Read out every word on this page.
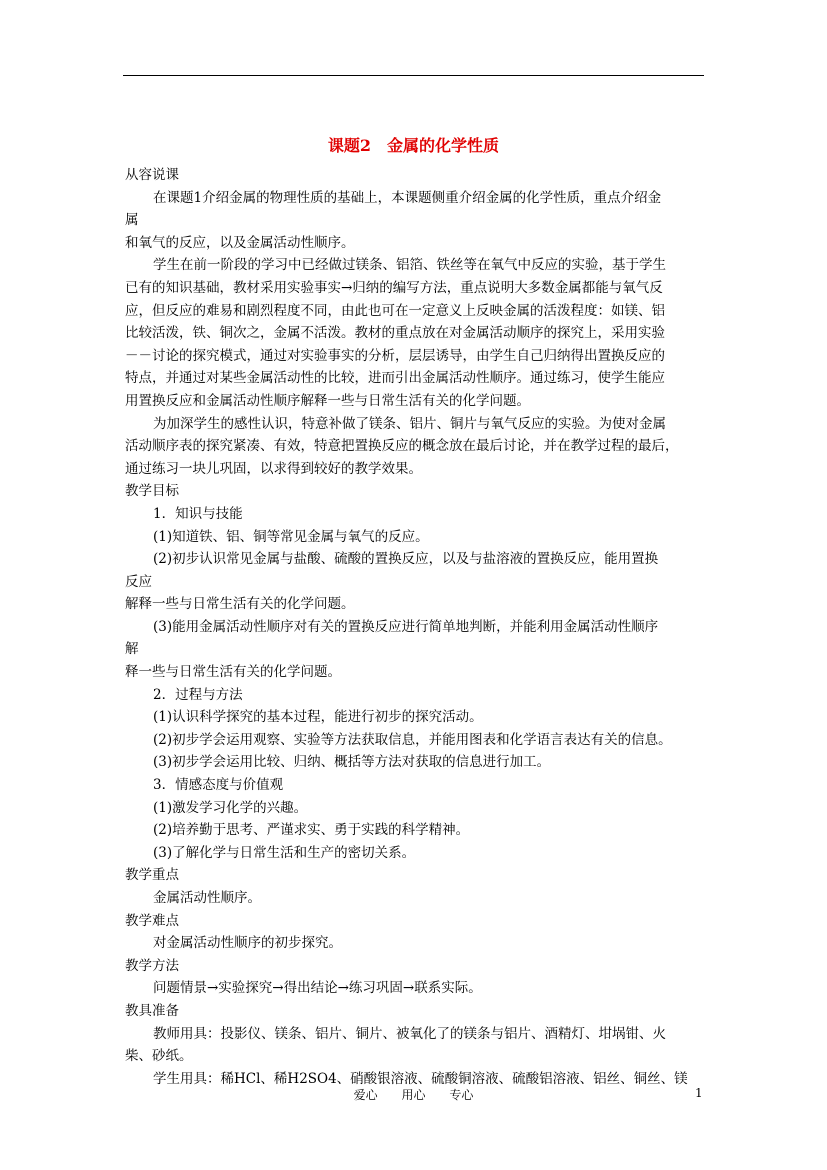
课题2　金属的化学性质
从容说课
在课题1介绍金属的物理性质的基础上，本课题侧重介绍金属的化学性质，重点介绍金
属
和氧气的反应，以及金属活动性顺序。
学生在前一阶段的学习中已经做过镁条、铝箔、铁丝等在氧气中反应的实验，基于学生
已有的知识基础，教材采用实验事实→归纳的编写方法，重点说明大多数金属都能与氧气反
应，但反应的难易和剧烈程度不同，由此也可在一定意义上反映金属的活泼程度：如镁、铝
比较活泼，铁、铜次之，金属不活泼。教材的重点放在对金属活动顺序的探究上，采用实验
－－讨论的探究模式，通过对实验事实的分析，层层诱导，由学生自己归纳得出置换反应的
特点，并通过对某些金属活动性的比较，进而引出金属活动性顺序。通过练习，使学生能应
用置换反应和金属活动性顺序解释一些与日常生活有关的化学问题。
为加深学生的感性认识，特意补做了镁条、铝片、铜片与氧气反应的实验。为使对金属
活动顺序表的探究紧凑、有效，特意把置换反应的概念放在最后讨论，并在教学过程的最后，
通过练习一块儿巩固，以求得到较好的教学效果。
教学目标
1．知识与技能
(1)知道铁、铝、铜等常见金属与氧气的反应。
(2)初步认识常见金属与盐酸、硫酸的置换反应，以及与盐溶液的置换反应，能用置换
反应
解释一些与日常生活有关的化学问题。
(3)能用金属活动性顺序对有关的置换反应进行简单地判断，并能利用金属活动性顺序
解
释一些与日常生活有关的化学问题。
2．过程与方法
(1)认识科学探究的基本过程，能进行初步的探究活动。
(2)初步学会运用观察、实验等方法获取信息，并能用图表和化学语言表达有关的信息。
(3)初步学会运用比较、归纳、概括等方法对获取的信息进行加工。
3．情感态度与价值观
(1)激发学习化学的兴趣。
(2)培养勤于思考、严谨求实、勇于实践的科学精神。
(3)了解化学与日常生活和生产的密切关系。
教学重点
金属活动性顺序。
教学难点
对金属活动性顺序的初步探究。
教学方法
问题情景→实验探究→得出结论→练习巩固→联系实际。
教具准备
教师用具：投影仪、镁条、铝片、铜片、被氧化了的镁条与铝片、酒精灯、坩埚钳、火
柴、砂纸。
学生用具：稀HCl、稀H2SO4、硝酸银溶液、硫酸铜溶液、硫酸铝溶液、铝丝、铜丝、镁
爱心 用心 专心	1
